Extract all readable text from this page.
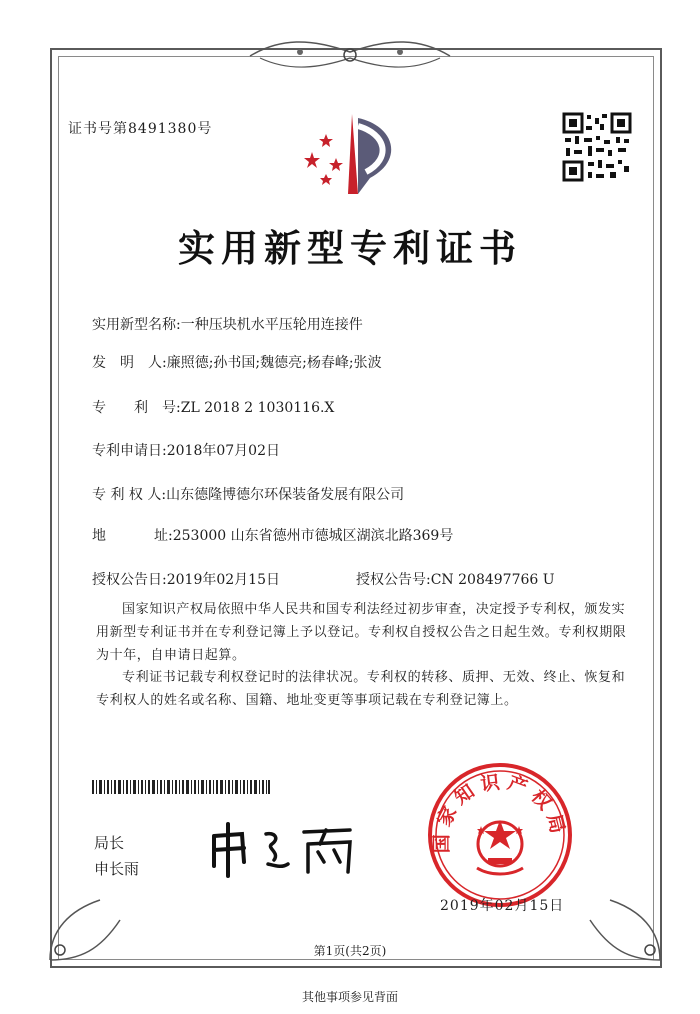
证书号第8491380号
实用新型专利证书
实用新型名称:一种压块机水平压轮用连接件
发　明　人:廉照德;孙书国;魏德亮;杨春峰;张波
专　　利　号:ZL 2018 2 1030116.X
专利申请日:2018年07月02日
专 利 权 人:山东德隆博德尔环保装备发展有限公司
地	址:253000 山东省德州市德城区湖滨北路369号
授权公告日:2019年02月15日	授权公告号:CN 208497766 U
国家知识产权局依照中华人民共和国专利法经过初步审查，决定授予专利权，颁发实用新型专利证书并在专利登记簿上予以登记。专利权自授权公告之日起生效。专利权期限为十年，自申请日起算。
专利证书记载专利权登记时的法律状况。专利权的转移、质押、无效、终止、恢复和专利权人的姓名或名称、国籍、地址变更等事项记载在专利登记簿上。
局长
申长雨
国家知识产权局
2019年02月15日
第1页(共2页)
其他事项参见背面
